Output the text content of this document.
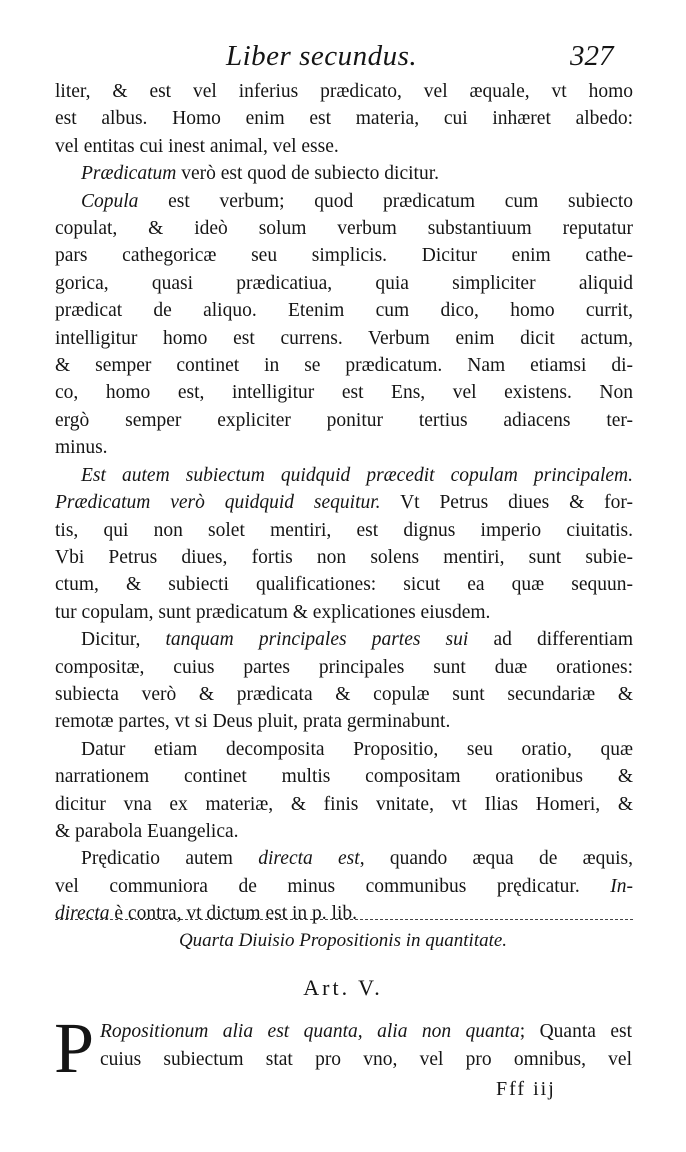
Liber secundus.	327
liter, & est vel inferius prædicato, vel æquale, vt homo
est albus. Homo enim est materia, cui inhæret albedo:
vel entitas cui inest animal, vel esse.
Prædicatum verò est quod de subiecto dicitur.
Copula est verbum; quod prædicatum cum subiecto
copulat, & ideò solum verbum substantiuum reputatur
pars cathegoricæ seu simplicis. Dicitur enim cathe-
gorica, quasi prædicatiua, quia simpliciter aliquid
prædicat de aliquo. Etenim cum dico, homo currit,
intelligitur homo est currens. Verbum enim dicit actum,
& semper continet in se prædicatum. Nam etiamsi di-
co, homo est, intelligitur est Ens, vel existens. Non
ergò semper expliciter ponitur tertius adiacens ter-
minus.
Est autem subiectum quidquid præcedit copulam principalem.
Prædicatum verò quidquid sequitur. Vt Petrus diues & for-
tis, qui non solet mentiri, est dignus imperio ciuitatis.
Vbi Petrus diues, fortis non solens mentiri, sunt subie-
ctum, & subiecti qualificationes: sicut ea quæ sequun-
tur copulam, sunt prædicatum & explicationes eiusdem.
Dicitur, tanquam principales partes sui ad differentiam
compositæ, cuius partes principales sunt duæ orationes:
subiecta verò & prædicata & copulæ sunt secundariæ &
remotæ partes, vt si Deus pluit, prata germinabunt.
Datur etiam decomposita Propositio, seu oratio, quæ
narrationem continet multis compositam orationibus &
dicitur vna ex materiæ, & finis vnitate, vt Ilias Homeri, &
& parabola Euangelica.
Prędicatio autem directa est, quando æqua de æquis,
vel communiora de minus communibus prędicatur. In-
directa è contra, vt dictum est in p. lib.
Quarta Diuisio Propositionis in quantitate.
Art. V.
P Ropositionum alia est quanta, alia non quanta; Quanta est
cuius subiectum stat pro vno, vel pro omnibus, vel
Fff iij
